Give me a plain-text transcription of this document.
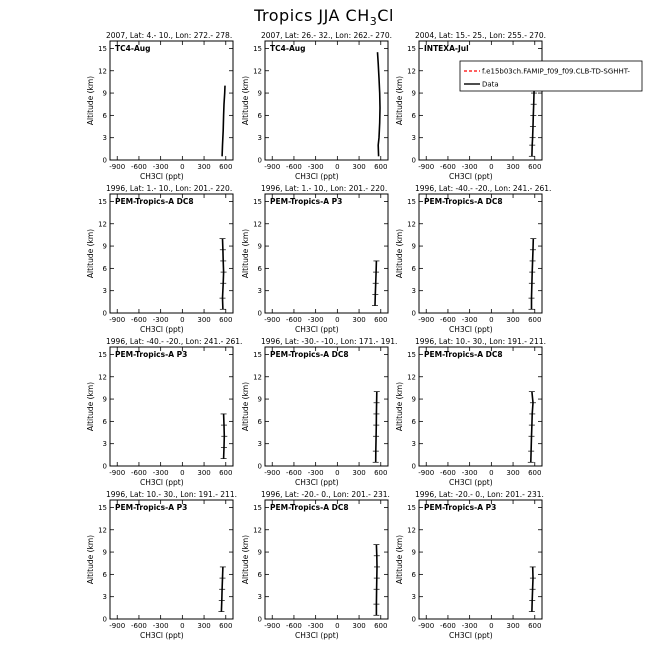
Tropics JJA $CH_3Cl$
2007, Lat: 4.- 10., Lon: 272.- 278.
TC4-Aug
-900 -600 -300 0 300 600
0
3
6
9
12
15
CH3Cl (ppt)
Altitude (km)
2007, Lat: 26.- 32., Lon: 262.- 270.
TC4-Aug
-900 -600 -300 0 300 600
0
3
6
9
12
15
CH3Cl (ppt)
Altitude (km)
2004, Lat: 15.- 25., Lon: 255.- 270.
INTEXA-Jul
-900 -600 -300 0 300 600
0
3
6
9
12
15
CH3Cl (ppt)
Altitude (km)
1996, Lat: 1.- 10., Lon: 201.- 220.
PEM-Tropics-A DC8
-900 -600 -300 0 300 600
0
3
6
9
12
15
CH3Cl (ppt)
Altitude (km)
1996, Lat: 1.- 10., Lon: 201.- 220.
PEM-Tropics-A P3
-900 -600 -300 0 300 600
0
3
6
9
12
15
CH3Cl (ppt)
Altitude (km)
1996, Lat: -40.- -20., Lon: 241.- 261.
PEM-Tropics-A DC8
-900 -600 -300 0 300 600
0
3
6
9
12
15
CH3Cl (ppt)
Altitude (km)
1996, Lat: -40.- -20., Lon: 241.- 261.
PEM-Tropics-A P3
-900 -600 -300 0 300 600
0
3
6
9
12
15
CH3Cl (ppt)
Altitude (km)
1996, Lat: -30.- -10., Lon: 171.- 191.
PEM-Tropics-A DC8
-900 -600 -300 0 300 600
0
3
6
9
12
15
CH3Cl (ppt)
Altitude (km)
1996, Lat: 10.- 30., Lon: 191.- 211.
PEM-Tropics-A DC8
-900 -600 -300 0 300 600
0
3
6
9
12
15
CH3Cl (ppt)
Altitude (km)
1996, Lat: 10.- 30., Lon: 191.- 211.
PEM-Tropics-A P3
-900 -600 -300 0 300 600
0
3
6
9
12
15
CH3Cl (ppt)
Altitude (km)
1996, Lat: -20.- 0., Lon: 201.- 231.
PEM-Tropics-A DC8
-900 -600 -300 0 300 600
0
3
6
9
12
15
CH3Cl (ppt)
Altitude (km)
1996, Lat: -20.- 0., Lon: 201.- 231.
PEM-Tropics-A P3
-900 -600 -300 0 300 600
0
3
6
9
12
15
CH3Cl (ppt)
Altitude (km)
f.e15b03ch.FAMIP_f09_f09.CLB-TD-SGHHT-
Data
